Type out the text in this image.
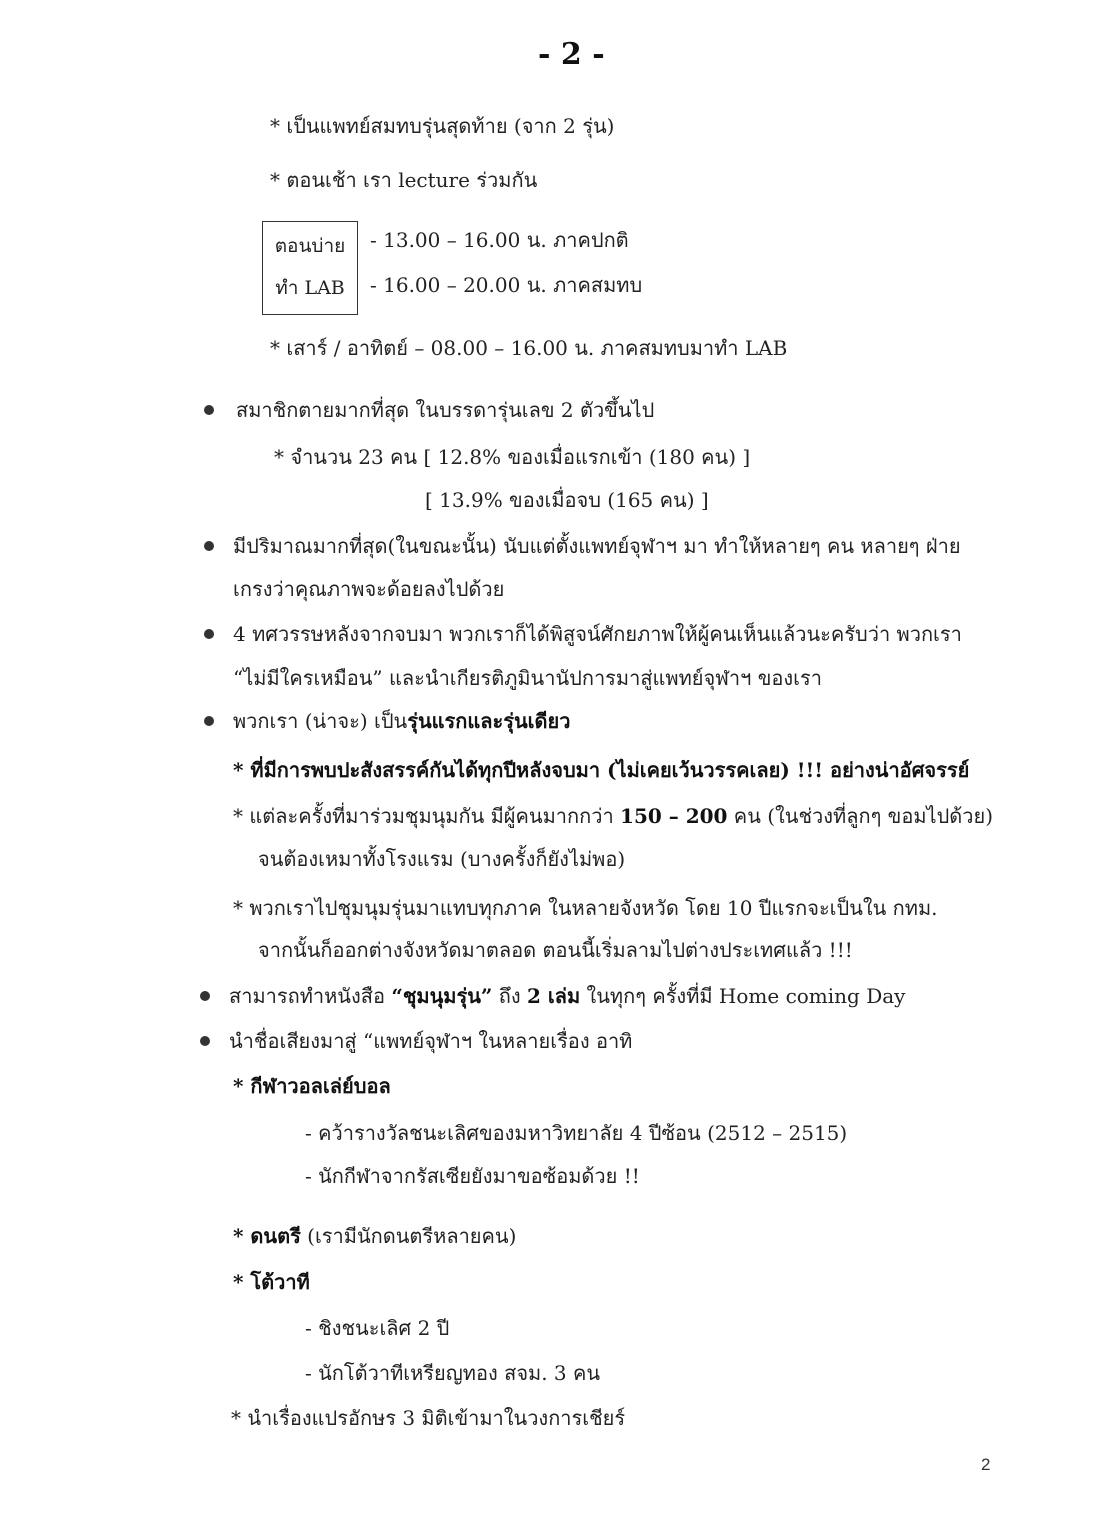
- 2 -
* เป็นแพทย์สมทบรุ่นสุดท้าย (จาก 2 รุ่น)
* ตอนเช้า เรา lecture ร่วมกัน
ตอนบ่าย
ทำ LAB
- 13.00 – 16.00 น. ภาคปกติ
- 16.00 – 20.00 น. ภาคสมทบ
* เสาร์ / อาทิตย์ – 08.00 – 16.00 น. ภาคสมทบมาทำ LAB
สมาชิกตายมากที่สุด ในบรรดารุ่นเลข 2 ตัวขึ้นไป
* จำนวน 23 คน [ 12.8% ของเมื่อแรกเข้า (180 คน) ]
[ 13.9% ของเมื่อจบ (165 คน) ]
มีปริมาณมากที่สุด(ในขณะนั้น) นับแต่ตั้งแพทย์จุฬาฯ มา ทำให้หลายๆ คน หลายๆ ฝ่าย
เกรงว่าคุณภาพจะด้อยลงไปด้วย
4 ทศวรรษหลังจากจบมา พวกเราก็ได้พิสูจน์ศักยภาพให้ผู้คนเห็นแล้วนะครับว่า พวกเรา
“ไม่มีใครเหมือน” และนำเกียรติภูมินานัปการมาสู่แพทย์จุฬาฯ ของเรา
พวกเรา (น่าจะ) เป็นรุ่นแรกและรุ่นเดียว
* ที่มีการพบปะสังสรรค์กันได้ทุกปีหลังจบมา (ไม่เคยเว้นวรรคเลย) !!! อย่างน่าอัศจรรย์
* แต่ละครั้งที่มาร่วมชุมนุมกัน มีผู้คนมากกว่า 150 – 200 คน (ในช่วงที่ลูกๆ ขอมไปด้วย)
จนต้องเหมาทั้งโรงแรม (บางครั้งก็ยังไม่พอ)
* พวกเราไปชุมนุมรุ่นมาแทบทุกภาค ในหลายจังหวัด โดย 10 ปีแรกจะเป็นใน กทม.
จากนั้นก็ออกต่างจังหวัดมาตลอด ตอนนี้เริ่มลามไปต่างประเทศแล้ว !!!
สามารถทำหนังสือ “ชุมนุมรุ่น” ถึง 2 เล่ม ในทุกๆ ครั้งที่มี Home coming Day
นำชื่อเสียงมาสู่ “แพทย์จุฬาฯ ในหลายเรื่อง อาทิ
* กีฬาวอลเล่ย์บอล
- คว้ารางวัลชนะเลิศของมหาวิทยาลัย 4 ปีซ้อน (2512 – 2515)
- นักกีฬาจากรัสเซียยังมาขอซ้อมด้วย !!
* ดนตรี (เรามีนักดนตรีหลายคน)
* โต้วาที
- ชิงชนะเลิศ 2 ปี
- นักโต้วาทีเหรียญทอง สจม. 3 คน
* นำเรื่องแปรอักษร 3 มิติเข้ามาในวงการเชียร์
2
